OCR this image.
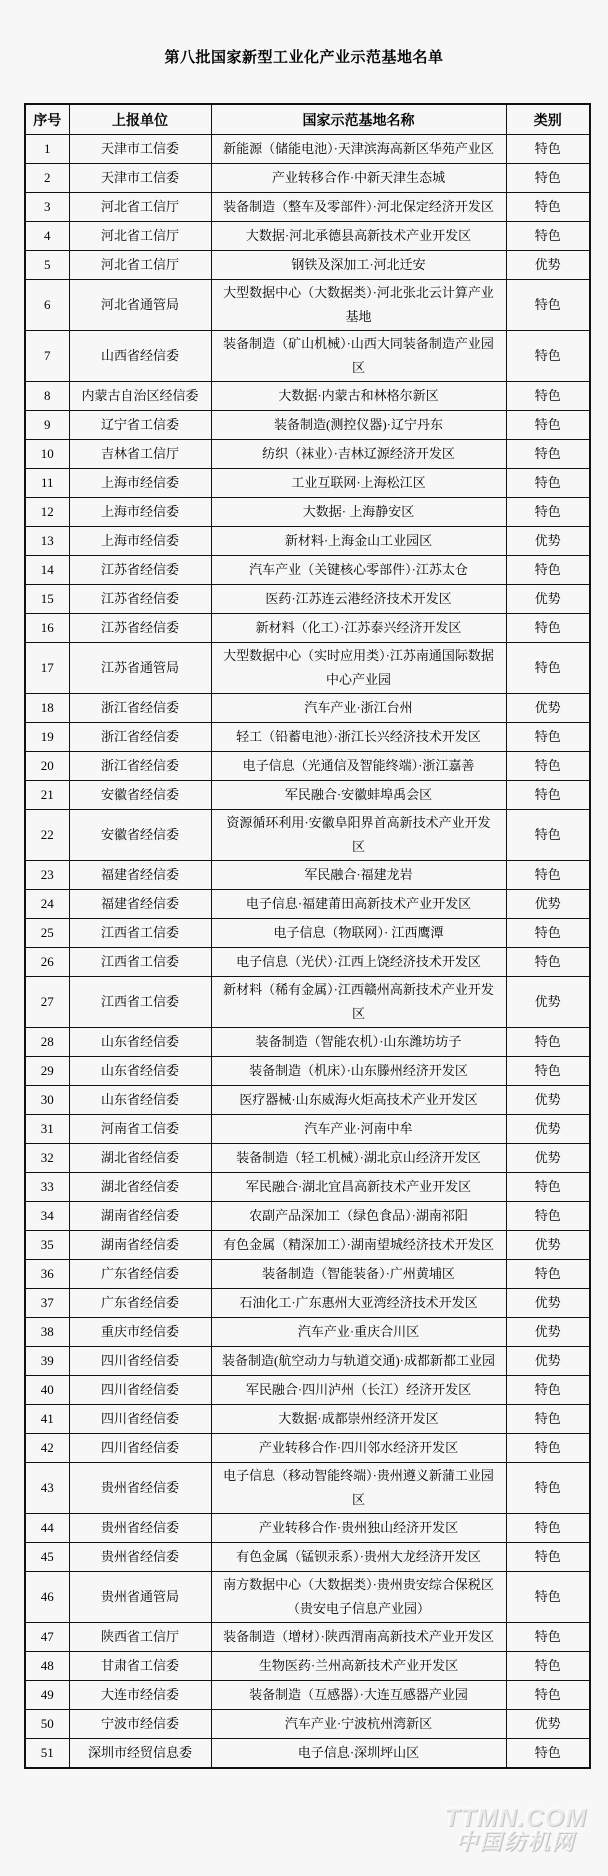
第八批国家新型工业化产业示范基地名单
序号	上报单位	国家示范基地名称	类别
1	天津市工信委	新能源（储能电池）·天津滨海高新区华苑产业区	特色
2	天津市工信委	产业转移合作·中新天津生态城	特色
3	河北省工信厅	装备制造（整车及零部件）·河北保定经济开发区	特色
4	河北省工信厅	大数据·河北承德县高新技术产业开发区	特色
5	河北省工信厅	钢铁及深加工·河北迁安	优势
6	河北省通管局	大型数据中心（大数据类）·河北张北云计算产业基地	特色
7	山西省经信委	装备制造（矿山机械）·山西大同装备制造产业园区	特色
8	内蒙古自治区经信委	大数据·内蒙古和林格尔新区	特色
9	辽宁省工信委	装备制造(测控仪器)·辽宁丹东	特色
10	吉林省工信厅	纺织（袜业）·吉林辽源经济开发区	特色
11	上海市经信委	工业互联网·上海松江区	特色
12	上海市经信委	大数据· 上海静安区	特色
13	上海市经信委	新材料·上海金山工业园区	优势
14	江苏省经信委	汽车产业（关键核心零部件）·江苏太仓	特色
15	江苏省经信委	医药·江苏连云港经济技术开发区	优势
16	江苏省经信委	新材料（化工）·江苏泰兴经济开发区	特色
17	江苏省通管局	大型数据中心（实时应用类）·江苏南通国际数据中心产业园	特色
18	浙江省经信委	汽车产业·浙江台州	优势
19	浙江省经信委	轻工（铅蓄电池）·浙江长兴经济技术开发区	特色
20	浙江省经信委	电子信息（光通信及智能终端）·浙江嘉善	特色
21	安徽省经信委	军民融合·安徽蚌埠禹会区	特色
22	安徽省经信委	资源循环利用·安徽阜阳界首高新技术产业开发区	特色
23	福建省经信委	军民融合·福建龙岩	特色
24	福建省经信委	电子信息·福建莆田高新技术产业开发区	优势
25	江西省工信委	电子信息（物联网）· 江西鹰潭	特色
26	江西省工信委	电子信息（光伏）·江西上饶经济技术开发区	特色
27	江西省工信委	新材料（稀有金属）·江西赣州高新技术产业开发区	优势
28	山东省经信委	装备制造（智能农机）·山东潍坊坊子	特色
29	山东省经信委	装备制造（机床）·山东滕州经济开发区	特色
30	山东省经信委	医疗器械·山东威海火炬高技术产业开发区	优势
31	河南省工信委	汽车产业·河南中牟	优势
32	湖北省经信委	装备制造（轻工机械）·湖北京山经济开发区	优势
33	湖北省经信委	军民融合·湖北宜昌高新技术产业开发区	特色
34	湖南省经信委	农副产品深加工（绿色食品）·湖南祁阳	特色
35	湖南省经信委	有色金属（精深加工）·湖南望城经济技术开发区	优势
36	广东省经信委	装备制造（智能装备）·广州黄埔区	特色
37	广东省经信委	石油化工·广东惠州大亚湾经济技术开发区	优势
38	重庆市经信委	汽车产业·重庆合川区	优势
39	四川省经信委	装备制造(航空动力与轨道交通)·成都新都工业园	优势
40	四川省经信委	军民融合·四川泸州（长江）经济开发区	特色
41	四川省经信委	大数据·成都崇州经济开发区	特色
42	四川省经信委	产业转移合作·四川邻水经济开发区	特色
43	贵州省经信委	电子信息（移动智能终端）·贵州遵义新蒲工业园区	特色
44	贵州省经信委	产业转移合作·贵州独山经济开发区	特色
45	贵州省经信委	有色金属（锰钡汞系）·贵州大龙经济开发区	特色
46	贵州省通管局	南方数据中心（大数据类）·贵州贵安综合保税区（贵安电子信息产业园）	特色
47	陕西省工信厅	装备制造（增材）·陕西渭南高新技术产业开发区	特色
48	甘肃省工信委	生物医药·兰州高新技术产业开发区	特色
49	大连市经信委	装备制造（互感器）·大连互感器产业园	特色
50	宁波市经信委	汽车产业·宁波杭州湾新区	优势
51	深圳市经贸信息委	电子信息·深圳坪山区	特色
TTMN.COM
中国纺机网
